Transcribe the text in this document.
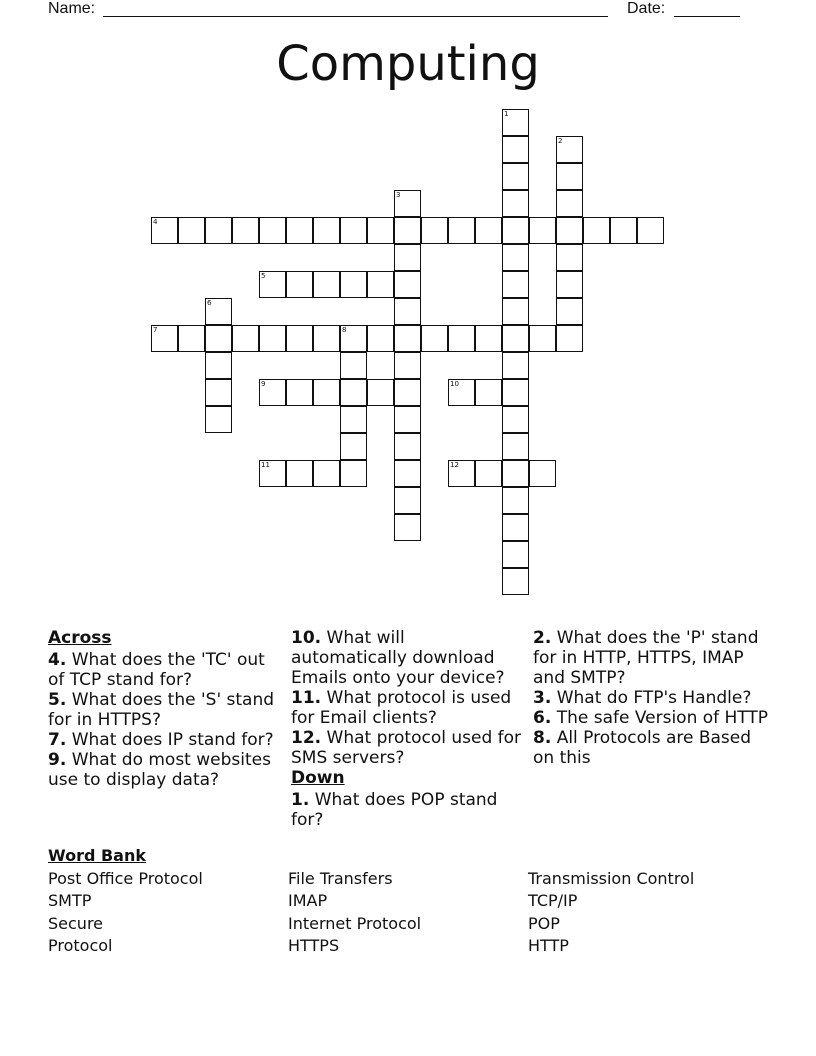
Name:	Date:
Computing
1
2
3
4
5
6
7	8
9	10
11	12
Across

4. What does the 'TC' out of TCP stand for?

5. What does the 'S' stand for in HTTPS?

7. What does IP stand for?

9. What do most websites use to display data?

10. What will automatically download Emails onto your device?

11. What protocol is used for Email clients?

12. What protocol used for SMS servers?

Down

1. What does POP stand for?

2. What does the 'P' stand for in HTTP, HTTPS, IMAP and SMTP?

3. What do FTP's Handle?

6. The safe Version of HTTP

8. All Protocols are Based on this

Word Bank
Post Office Protocol	File Transfers	Transmission Control
SMTP	IMAP	TCP/IP
Secure	Internet Protocol	POP
Protocol	HTTPS	HTTP
